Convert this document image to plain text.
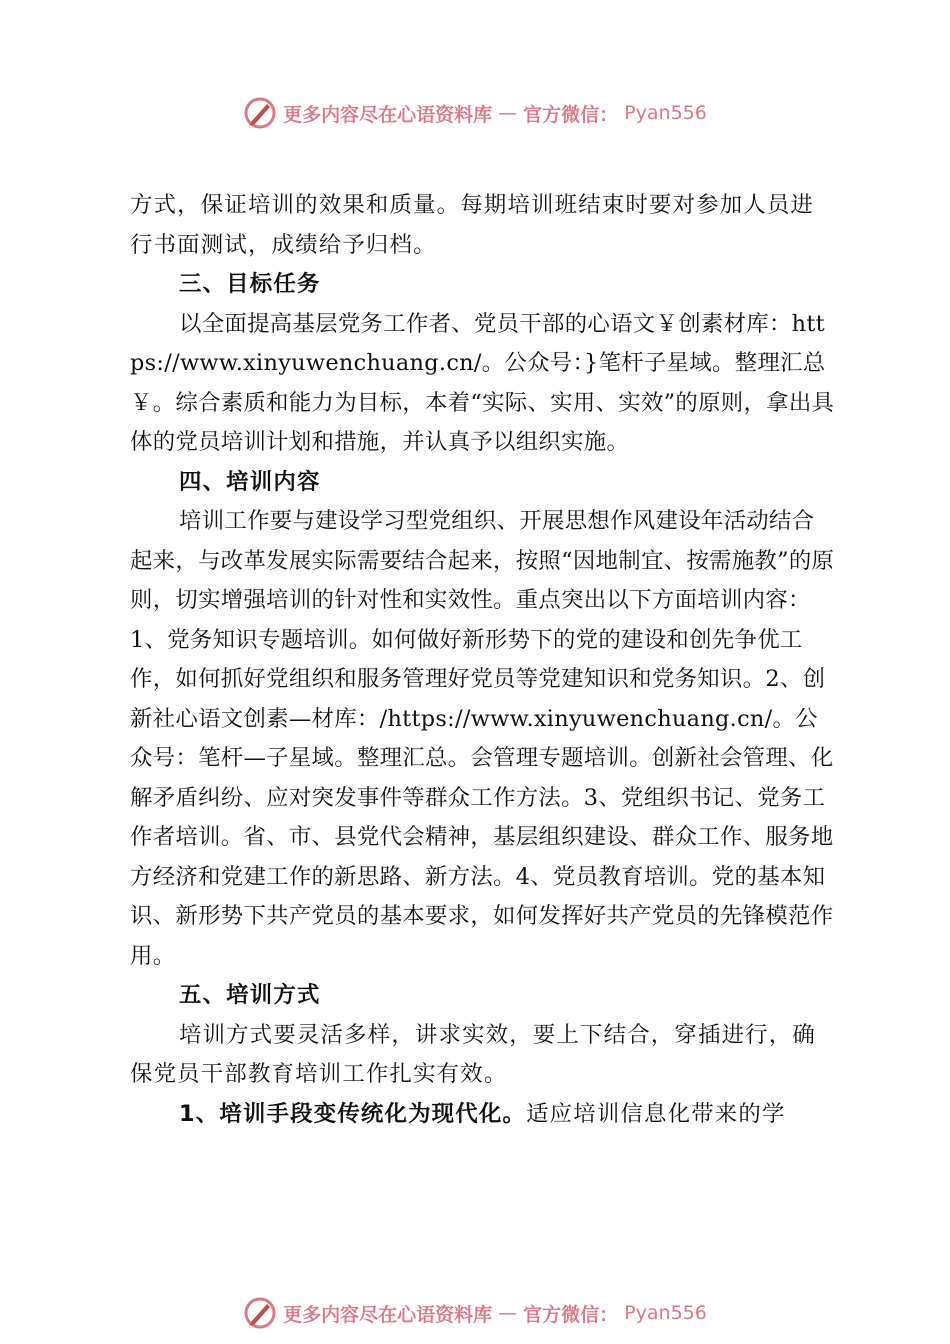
更多内容尽在心语资料库 — 官方微信： Pyan556

方式，保证培训的效果和质量。每期培训班结束时要对参加人员进行书面测试，成绩给予归档。

三、目标任务

以全面提高基层党务工作者、党员干部的心语文￥创素材库：https://www.xinyuwenchuang.cn/。公众号：}笔杆子星域。整理汇总￥。综合素质和能力为目标，本着“实际、实用、实效”的原则，拿出具体的党员培训计划和措施，并认真予以组织实施。

四、培训内容

培训工作要与建设学习型党组织、开展思想作风建设年活动结合起来，与改革发展实际需要结合起来，按照“因地制宜、按需施教”的原则，切实增强培训的针对性和实效性。重点突出以下方面培训内容：1、党务知识专题培训。如何做好新形势下的党的建设和创先争优工作，如何抓好党组织和服务管理好党员等党建知识和党务知识。2、创新社心语文创素—材库：/https://www.xinyuwenchuang.cn/。公众号：笔杆—子星域。整理汇总。会管理专题培训。创新社会管理、化解矛盾纠纷、应对突发事件等群众工作方法。3、党组织书记、党务工作者培训。省、市、县党代会精神，基层组织建设、群众工作、服务地方经济和党建工作的新思路、新方法。4、党员教育培训。党的基本知识、新形势下共产党员的基本要求，如何发挥好共产党员的先锋模范作用。

五、培训方式

培训方式要灵活多样，讲求实效，要上下结合，穿插进行，确保党员干部教育培训工作扎实有效。

1、培训手段变传统化为现代化。适应培训信息化带来的学

更多内容尽在心语资料库 — 官方微信： Pyan556
